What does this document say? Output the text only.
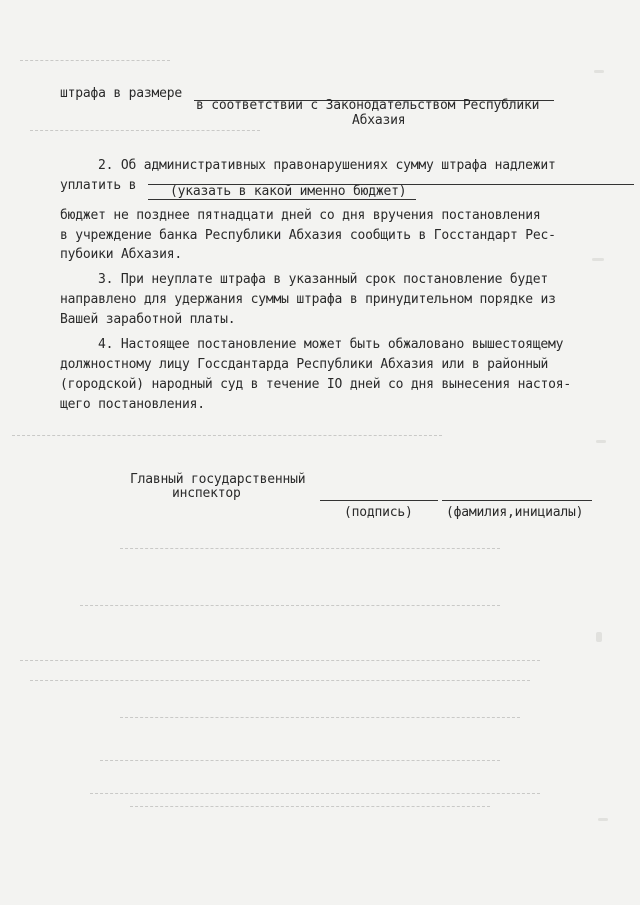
штрафа в размере
в соответствии с Законодательством Республики
Абхазия
2. Об административных правонарушениях сумму штрафа надлежит
уплатить в	(указать в какой именно бюджет)
бюджет не позднее пятнадцати дней со дня вручения постановления
в учреждение банка Республики Абхазия сообщить в Госстандарт Рес-
пубоики Абхазия.
3. При неуплате штрафа в указанный срок постановление будет
направлено для удержания суммы штрафа в принудительном порядке из
Вашей заработной платы.
4. Настоящее постановление может быть обжаловано вышестоящему
должностному лицу Госсдантарда Республики Абхазия или в районный
(городской) народный суд в течение IO дней со дня вынесения настоя-
щего постановления.
Главный государственный
инспектор
(подпись)	(фамилия,инициалы)
